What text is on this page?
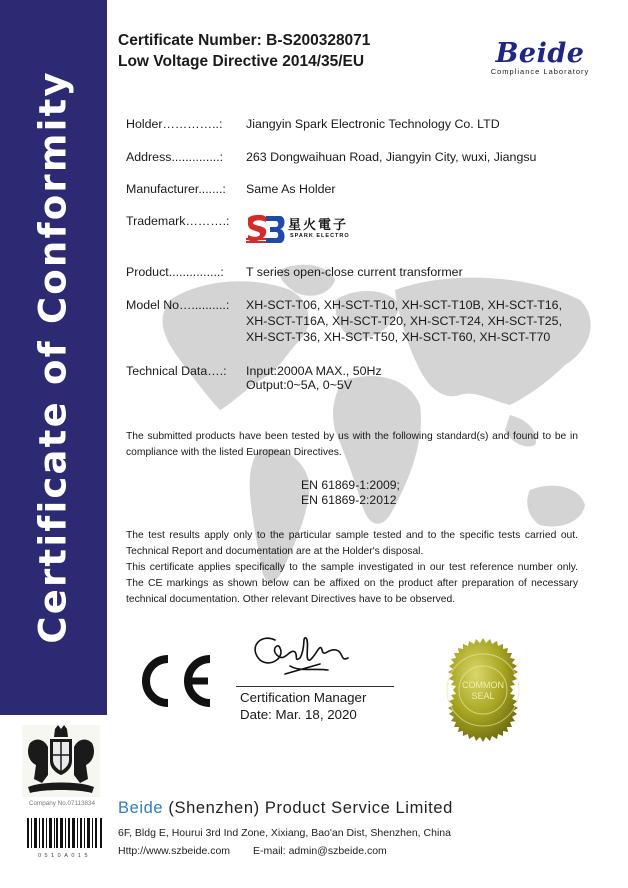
Certificate of Conformity
Certificate Number: B-S200328071
Low Voltage Directive 2014/35/EU	Beide
Compliance Laboratory
Holder…………..: Jiangyin Spark Electronic Technology Co. LTD
Address..............: 263 Dongwaihuan Road, Jiangyin City, wuxi, Jiangsu
Manufacturer.......: Same As Holder
Trademark……….:	星火電子
SPARK ELECTRO
Product...............: T series open-close current transformer
Model No…..........: XH-SCT-T06, XH-SCT-T10, XH-SCT-T10B, XH-SCT-T16,
XH-SCT-T16A, XH-SCT-T20, XH-SCT-T24, XH-SCT-T25,
XH-SCT-T36, XH-SCT-T50, XH-SCT-T60, XH-SCT-T70
Technical Data….: Input:2000A MAX., 50Hz
Output:0~5A, 0~5V
The submitted products have been tested by us with the following standard(s) and found to be in compliance with the listed European Directives.
EN 61869-1:2009;
EN 61869-2:2012
The test results apply only to the particular sample tested and to the specific tests carried out. Technical Report and documentation are at the Holder's disposal.
This certificate applies specifically to the sample investigated in our test reference number only. The CE markings as shown below can be affixed on the product after preparation of necessary technical documentation. Other relevant Directives have to be observed.
Certification Manager
Date: Mar. 18, 2020
COMMON
SEAL
Company No.07113834
0510A015
Beide (Shenzhen) Product Service Limited
6F, Bldg E, Hourui 3rd Ind Zone, Xixiang, Bao'an Dist, Shenzhen, China
Http://www.szbeide.com E-mail: admin@szbeide.com
